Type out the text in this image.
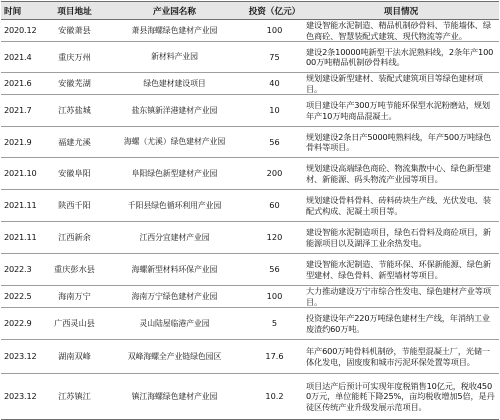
时间	项目地址	产业园名称	投资（亿元）	项目情况
2020.12	安徽萧县	萧县海螺绿色建材产业园	100	建设智能水泥制造、精品机制砂骨料、节能墙体、绿色商砼、智慧装配式建筑、现代物流等产业。
2021.4	重庆万州	新材料产业园	75	建设2条10000吨新型干法水泥熟料线，2条年产10000万吨精品机制砂骨料线。
2021.6	安徽芜湖	绿色建材建设项目	40	规划建设新型建材、装配式建筑项目等绿色建材项目。
2021.7	江苏盐城	盐东镇新洋港建材产业园	10	项目建设年产300万吨节能环保型水泥粉磨站，规划年产10万吨商品混凝土。
2021.9	福建尤溪	海螺（尤溪）绿色建材产业园	56	规划建设2条日产5000吨熟料线，年产500万吨绿色骨料等项目。
2021.10	安徽阜阳	阜阳绿色新型建材产业园	200	规划建设高端绿色商砼、物流集散中心、绿色新型建材、新能源、码头物流产业园等项目。
2021.11	陕西千阳	千阳县绿色循环利用产业园	60	规划建设骨料骨料、砖料砖块生产线、光伏发电、装配式构成、泥凝土项目等。
2021.11	江西新余	江西分宜建材产业园	120	建设智能水泥制造项目，绿色石骨料及商砼项目，新能源项目以及湖泽工业余热发电。
2022.3	重庆彭水县	海螺新型材料环保产业园	56	建设智能水泥制造、节能环保、环保新能源、绿色新型建材、绿色骨料、新型墙材等项目。
2022.5	海南万宁	海南万宁绿色建材产业园	100	大力推动建设万宁市综合性发电、绿色建材产业等项目。
2022.9	广西灵山县	灵山陆屋临港产业园	5	投资建设年产220万吨绿色建材生产线，年消纳工业废渣约60万吨。
2023.12	湖南双峰	双峰海螺全产业链绿色园区	17.6	年产600万吨骨料机制砂，节能型混凝土厂，光储一体化发电，固废废和城市污泥环保处置等项目。
2023.12	江苏镇江	镇江海螺绿色建材产业园	10.2	项目达产后预计可实现年度税销售10亿元，税收4500万元，单位能耗下降25%，亩均税收增加5倍，是丹徒区传统产业升级发展示范项目。
